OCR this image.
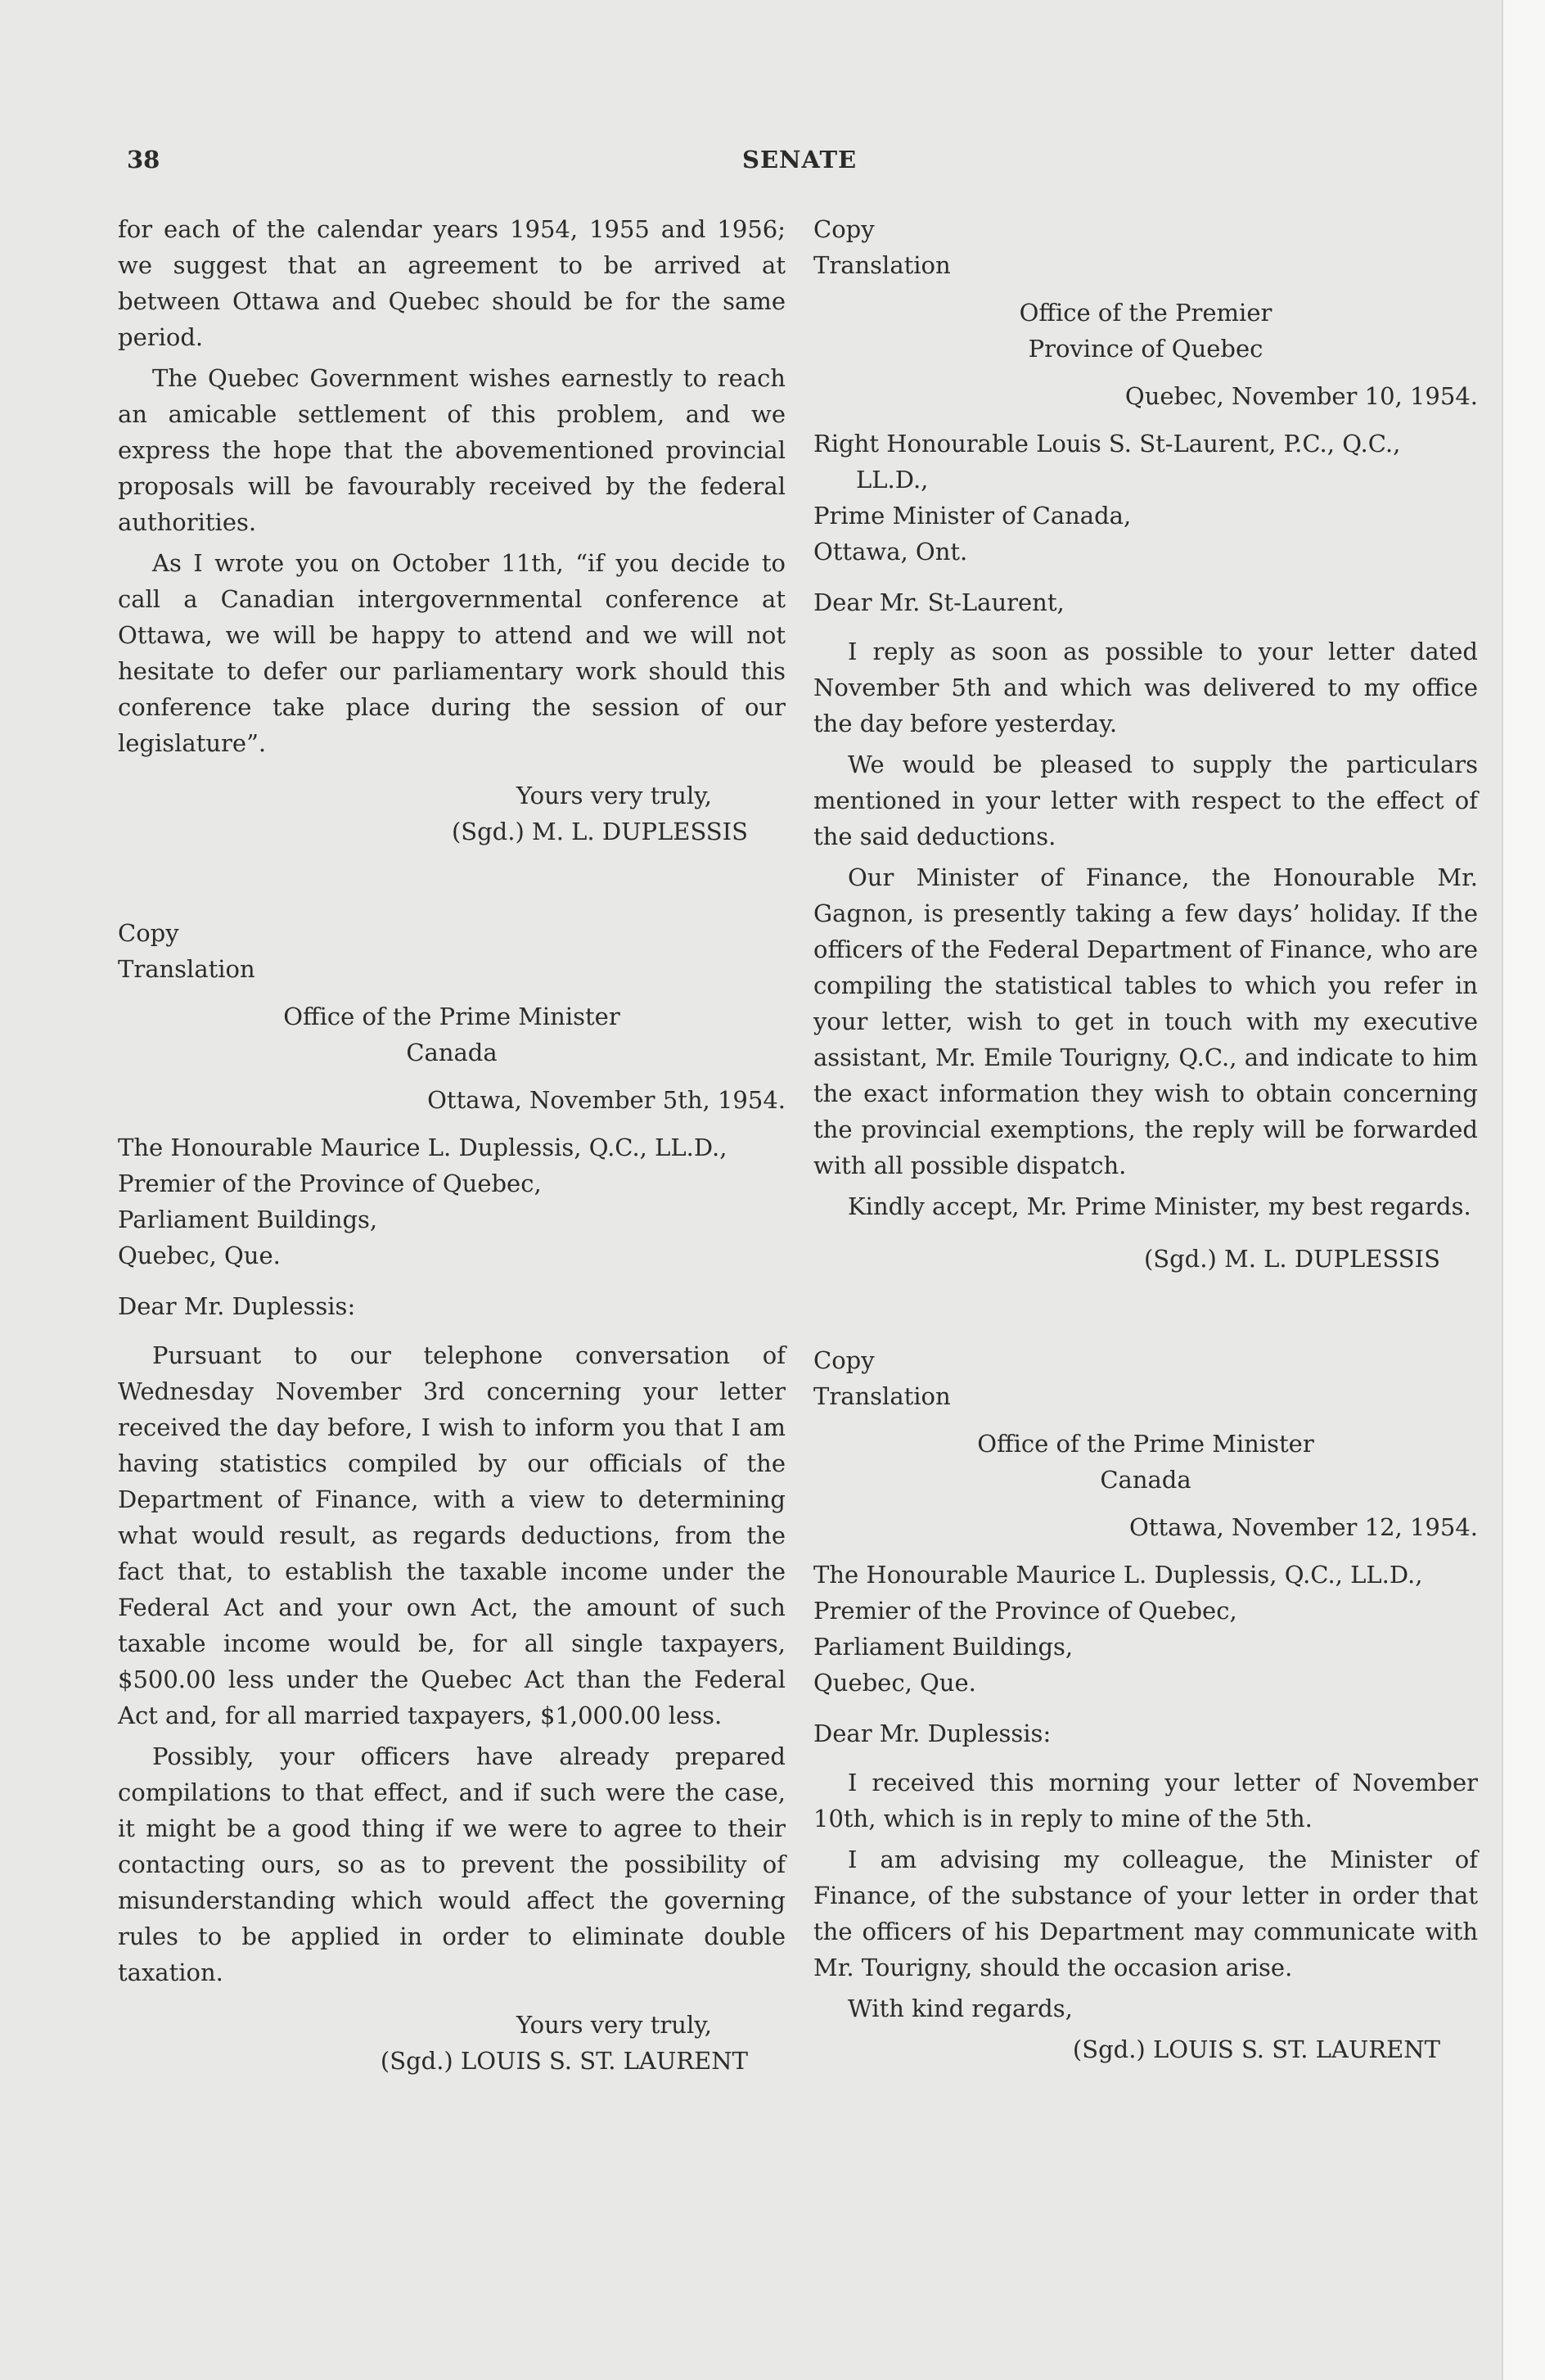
38	SENATE

for each of the calendar years 1954, 1955 and 1956; we suggest that an agreement to be arrived at between Ottawa and Quebec should be for the same period.

The Quebec Government wishes earnestly to reach an amicable settlement of this problem, and we express the hope that the abovementioned provincial proposals will be favourably received by the federal authorities.

As I wrote you on October 11th, “if you decide to call a Canadian intergovernmental conference at Ottawa, we will be happy to attend and we will not hesitate to defer our parliamentary work should this conference take place during the session of our legislature”.

Yours very truly,
(Sgd.) M. L. DUPLESSIS
Copy
Translation
Office of the Prime Minister
Canada
Ottawa, November 5th, 1954.

The Honourable Maurice L. Duplessis, Q.C., LL.D.,

Premier of the Province of Quebec,
Parliament Buildings,
Quebec, Que.

Dear Mr. Duplessis:

Pursuant to our telephone conversation of Wednesday November 3rd concerning your letter received the day before, I wish to inform you that I am having statistics compiled by our officials of the Department of Finance, with a view to determining what would result, as regards deductions, from the fact that, to establish the taxable income under the Federal Act and your own Act, the amount of such taxable income would be, for all single taxpayers, $500.00 less under the Quebec Act than the Federal Act and, for all married taxpayers, $1,000.00 less.

Possibly, your officers have already prepared compilations to that effect, and if such were the case, it might be a good thing if we were to agree to their contacting ours, so as to prevent the possibility of misunderstanding which would affect the governing rules to be applied in order to eliminate double taxation.

Yours very truly,
(Sgd.) LOUIS S. ST. LAURENT
Copy
Translation
Office of the Premier
Province of Quebec
Quebec, November 10, 1954.

Right Honourable Louis S. St-Laurent, P.C., Q.C., LL.D.,

Prime Minister of Canada,
Ottawa, Ont.

Dear Mr. St-Laurent,

I reply as soon as possible to your letter dated November 5th and which was delivered to my office the day before yesterday.

We would be pleased to supply the particulars mentioned in your letter with respect to the effect of the said deductions.

Our Minister of Finance, the Honourable Mr. Gagnon, is presently taking a few days’ holiday. If the officers of the Federal Department of Finance, who are compiling the statistical tables to which you refer in your letter, wish to get in touch with my executive assistant, Mr. Emile Tourigny, Q.C., and indicate to him the exact information they wish to obtain concerning the provincial exemptions, the reply will be forwarded with all possible dispatch.

Kindly accept, Mr. Prime Minister, my best regards.

(Sgd.) M. L. DUPLESSIS
Copy
Translation
Office of the Prime Minister
Canada
Ottawa, November 12, 1954.

The Honourable Maurice L. Duplessis, Q.C., LL.D.,

Premier of the Province of Quebec,
Parliament Buildings,
Quebec, Que.

Dear Mr. Duplessis:

I received this morning your letter of November 10th, which is in reply to mine of the 5th.

I am advising my colleague, the Minister of Finance, of the substance of your letter in order that the officers of his Department may communicate with Mr. Tourigny, should the occasion arise.

With kind regards,

(Sgd.) LOUIS S. ST. LAURENT
